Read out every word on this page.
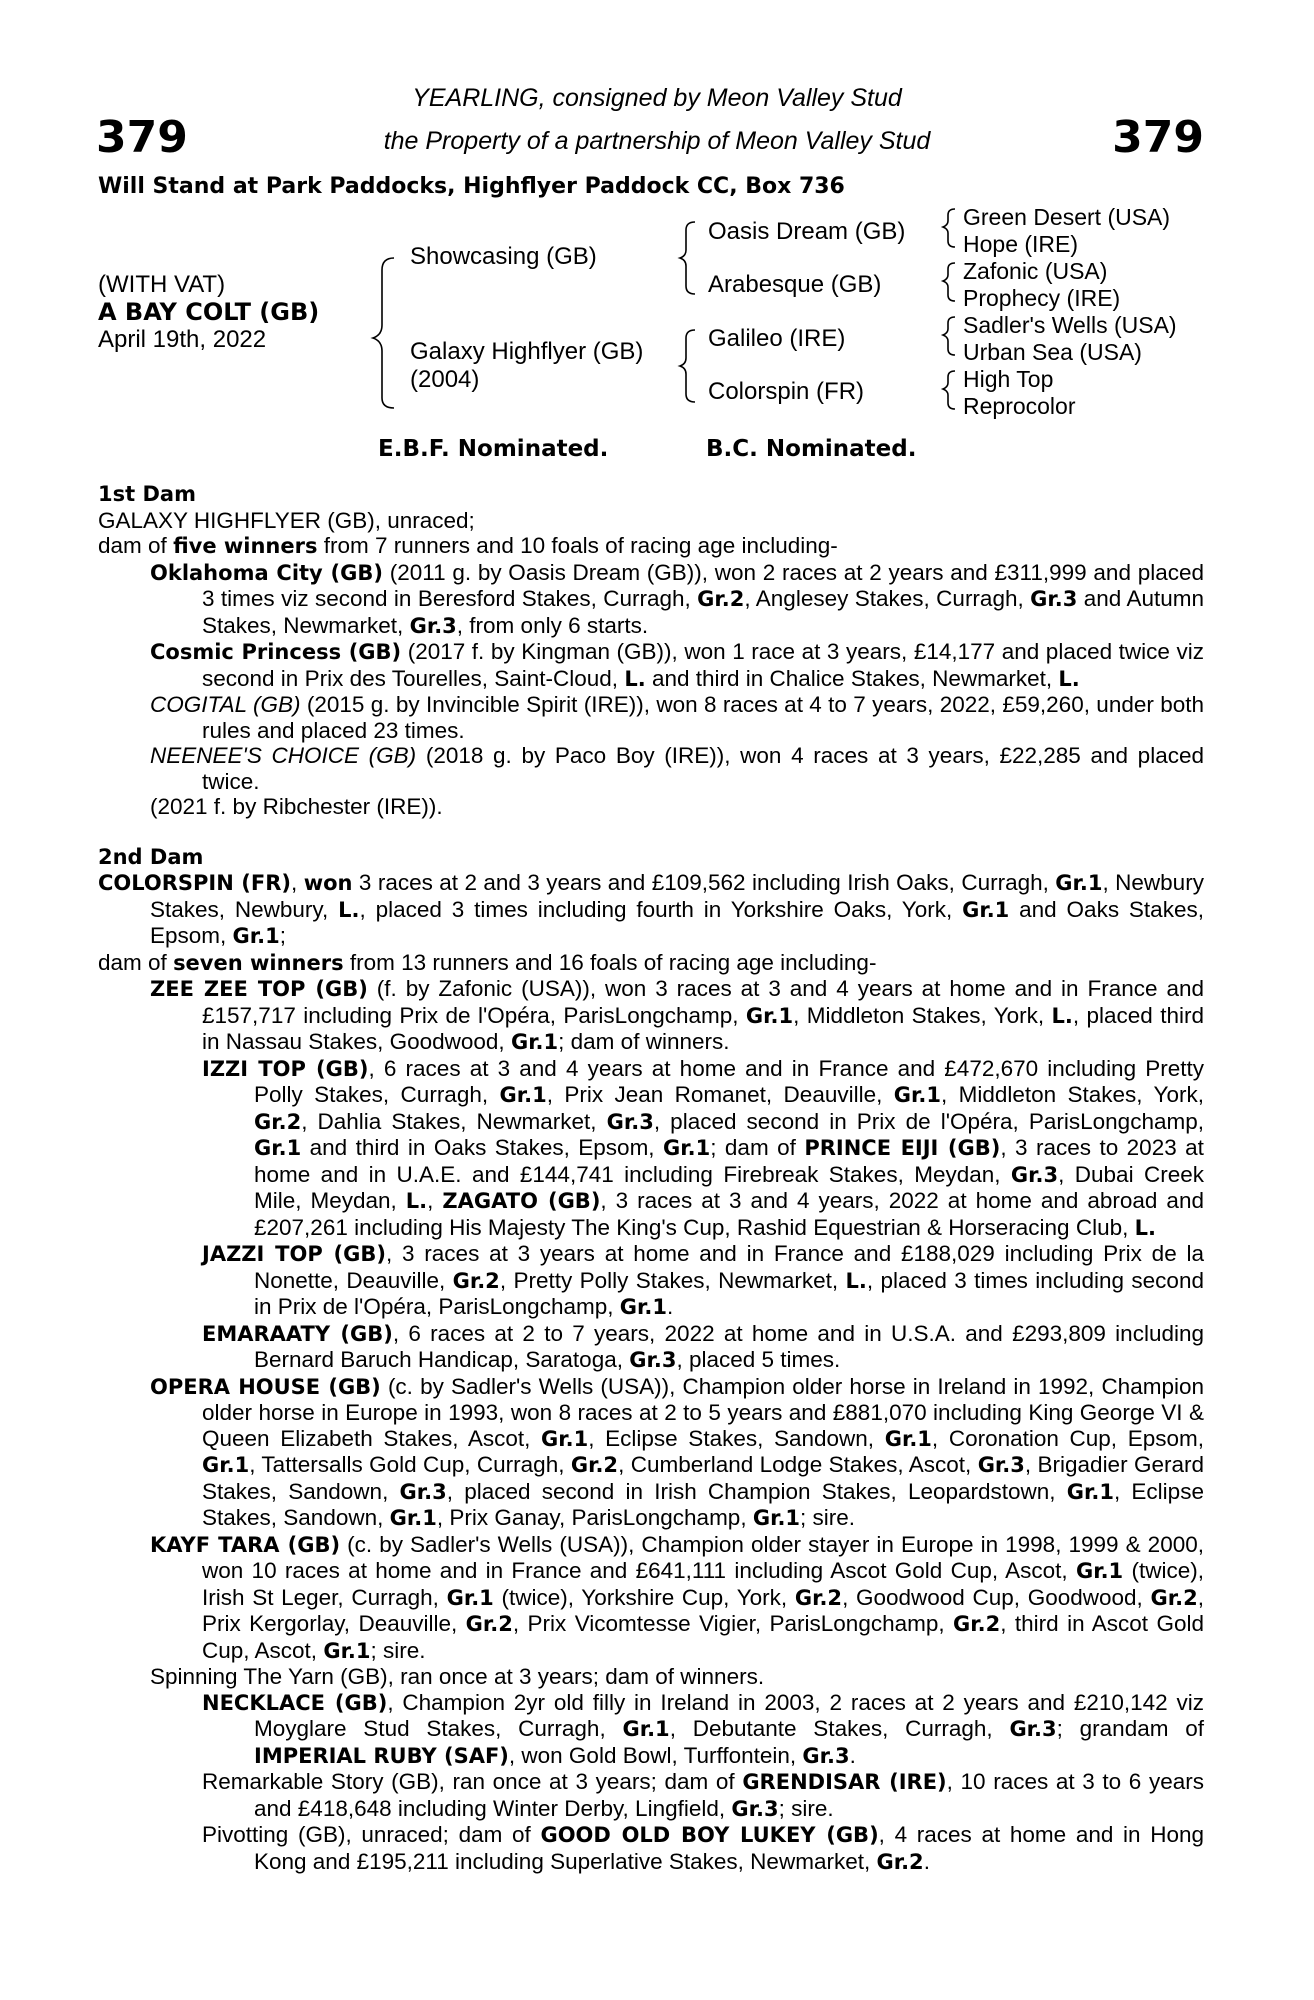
379	379
YEARLING, consigned by Meon Valley Stud
the Property of a partnership of Meon Valley Stud
Will Stand at Park Paddocks, Highflyer Paddock CC, Box 736
(WITH VAT)
A BAY COLT (GB)
April 19th, 2022
Showcasing (GB)
Galaxy Highflyer (GB)
(2004)
Oasis Dream (GB)
Arabesque (GB)
Galileo (IRE)
Colorspin (FR)
Green Desert (USA)
Hope (IRE)
Zafonic (USA)
Prophecy (IRE)
Sadler's Wells (USA)
Urban Sea (USA)
High Top
Reprocolor
E.B.F. Nominated.	B.C. Nominated.
1st Dam
GALAXY HIGHFLYER (GB), unraced;
dam of five winners from 7 runners and 10 foals of racing age including-
Oklahoma City (GB) (2011 g. by Oasis Dream (GB)), won 2 races at 2 years and £311,999 and placed 3 times viz second in Beresford Stakes, Curragh, Gr.2, Anglesey Stakes, Curragh, Gr.3 and Autumn Stakes, Newmarket, Gr.3, from only 6 starts.
Cosmic Princess (GB) (2017 f. by Kingman (GB)), won 1 race at 3 years, £14,177 and placed twice viz second in Prix des Tourelles, Saint-Cloud, L. and third in Chalice Stakes, Newmarket, L.
COGITAL (GB) (2015 g. by Invincible Spirit (IRE)), won 8 races at 4 to 7 years, 2022, £59,260, under both rules and placed 23 times.
NEENEE'S CHOICE (GB) (2018 g. by Paco Boy (IRE)), won 4 races at 3 years, £22,285 and placed twice.
(2021 f. by Ribchester (IRE)).
2nd Dam
COLORSPIN (FR), won 3 races at 2 and 3 years and £109,562 including Irish Oaks, Curragh, Gr.1, Newbury Stakes, Newbury, L., placed 3 times including fourth in Yorkshire Oaks, York, Gr.1 and Oaks Stakes, Epsom, Gr.1;
dam of seven winners from 13 runners and 16 foals of racing age including-
ZEE ZEE TOP (GB) (f. by Zafonic (USA)), won 3 races at 3 and 4 years at home and in France and £157,717 including Prix de l'Opéra, ParisLongchamp, Gr.1, Middleton Stakes, York, L., placed third in Nassau Stakes, Goodwood, Gr.1; dam of winners.
IZZI TOP (GB), 6 races at 3 and 4 years at home and in France and £472,670 including Pretty Polly Stakes, Curragh, Gr.1, Prix Jean Romanet, Deauville, Gr.1, Middleton Stakes, York, Gr.2, Dahlia Stakes, Newmarket, Gr.3, placed second in Prix de l'Opéra, ParisLongchamp, Gr.1 and third in Oaks Stakes, Epsom, Gr.1; dam of PRINCE EIJI (GB), 3 races to 2023 at home and in U.A.E. and £144,741 including Firebreak Stakes, Meydan, Gr.3, Dubai Creek Mile, Meydan, L., ZAGATO (GB), 3 races at 3 and 4 years, 2022 at home and abroad and £207,261 including His Majesty The King's Cup, Rashid Equestrian & Horseracing Club, L.
JAZZI TOP (GB), 3 races at 3 years at home and in France and £188,029 including Prix de la Nonette, Deauville, Gr.2, Pretty Polly Stakes, Newmarket, L., placed 3 times including second in Prix de l'Opéra, ParisLongchamp, Gr.1.
EMARAATY (GB), 6 races at 2 to 7 years, 2022 at home and in U.S.A. and £293,809 including Bernard Baruch Handicap, Saratoga, Gr.3, placed 5 times.
OPERA HOUSE (GB) (c. by Sadler's Wells (USA)), Champion older horse in Ireland in 1992, Champion older horse in Europe in 1993, won 8 races at 2 to 5 years and £881,070 including King George VI & Queen Elizabeth Stakes, Ascot, Gr.1, Eclipse Stakes, Sandown, Gr.1, Coronation Cup, Epsom, Gr.1, Tattersalls Gold Cup, Curragh, Gr.2, Cumberland Lodge Stakes, Ascot, Gr.3, Brigadier Gerard Stakes, Sandown, Gr.3, placed second in Irish Champion Stakes, Leopardstown, Gr.1, Eclipse Stakes, Sandown, Gr.1, Prix Ganay, ParisLongchamp, Gr.1; sire.
KAYF TARA (GB) (c. by Sadler's Wells (USA)), Champion older stayer in Europe in 1998, 1999 & 2000, won 10 races at home and in France and £641,111 including Ascot Gold Cup, Ascot, Gr.1 (twice), Irish St Leger, Curragh, Gr.1 (twice), Yorkshire Cup, York, Gr.2, Goodwood Cup, Goodwood, Gr.2, Prix Kergorlay, Deauville, Gr.2, Prix Vicomtesse Vigier, ParisLongchamp, Gr.2, third in Ascot Gold Cup, Ascot, Gr.1; sire.
Spinning The Yarn (GB), ran once at 3 years; dam of winners.
NECKLACE (GB), Champion 2yr old filly in Ireland in 2003, 2 races at 2 years and £210,142 viz Moyglare Stud Stakes, Curragh, Gr.1, Debutante Stakes, Curragh, Gr.3; grandam of IMPERIAL RUBY (SAF), won Gold Bowl, Turffontein, Gr.3.
Remarkable Story (GB), ran once at 3 years; dam of GRENDISAR (IRE), 10 races at 3 to 6 years and £418,648 including Winter Derby, Lingfield, Gr.3; sire.
Pivotting (GB), unraced; dam of GOOD OLD BOY LUKEY (GB), 4 races at home and in Hong Kong and £195,211 including Superlative Stakes, Newmarket, Gr.2.
